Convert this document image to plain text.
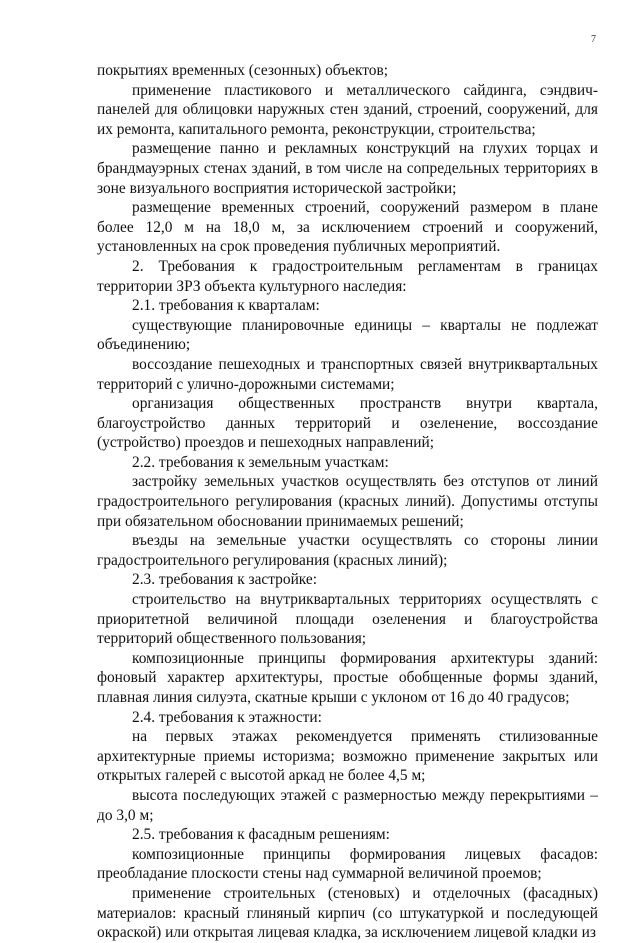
7

покрытиях временных (сезонных) объектов;

применение пластикового и металлического сайдинга, сэндвич-панелей для облицовки наружных стен зданий, строений, сооружений, для их ремонта, капитального ремонта, реконструкции, строительства;

размещение панно и рекламных конструкций на глухих торцах и брандмауэрных стенах зданий, в том числе на сопредельных территориях в зоне визуального восприятия исторической застройки;

размещение временных строений, сооружений размером в плане более 12,0 м на 18,0 м, за исключением строений и сооружений, установленных на срок проведения публичных мероприятий.

2. Требования к градостроительным регламентам в границах территории ЗРЗ объекта культурного наследия:

2.1. требования к кварталам:

существующие планировочные единицы – кварталы не подлежат объединению;

воссоздание пешеходных и транспортных связей внутриквартальных территорий с улично-дорожными системами;

организация общественных пространств внутри квартала, благоустройство данных территорий и озеленение, воссоздание (устройство) проездов и пешеходных направлений;

2.2. требования к земельным участкам:

застройку земельных участков осуществлять без отступов от линий градостроительного регулирования (красных линий). Допустимы отступы при обязательном обосновании принимаемых решений;

въезды на земельные участки осуществлять со стороны линии градостроительного регулирования (красных линий);

2.3. требования к застройке:

строительство на внутриквартальных территориях осуществлять с приоритетной величиной площади озеленения и благоустройства территорий общественного пользования;

композиционные принципы формирования архитектуры зданий: фоновый характер архитектуры, простые обобщенные формы зданий, плавная линия силуэта, скатные крыши с уклоном от 16 до 40 градусов;

2.4. требования к этажности:

на первых этажах рекомендуется применять стилизованные архитектурные приемы историзма; возможно применение закрытых или открытых галерей с высотой аркад не более 4,5 м;

высота последующих этажей с размерностью между перекрытиями – до 3,0 м;

2.5. требования к фасадным решениям:

композиционные принципы формирования лицевых фасадов: преобладание плоскости стены над суммарной величиной проемов;

применение строительных (стеновых) и отделочных (фасадных) материалов: красный глиняный кирпич (со штукатуркой и последующей окраской) или открытая лицевая кладка, за исключением лицевой кладки из
